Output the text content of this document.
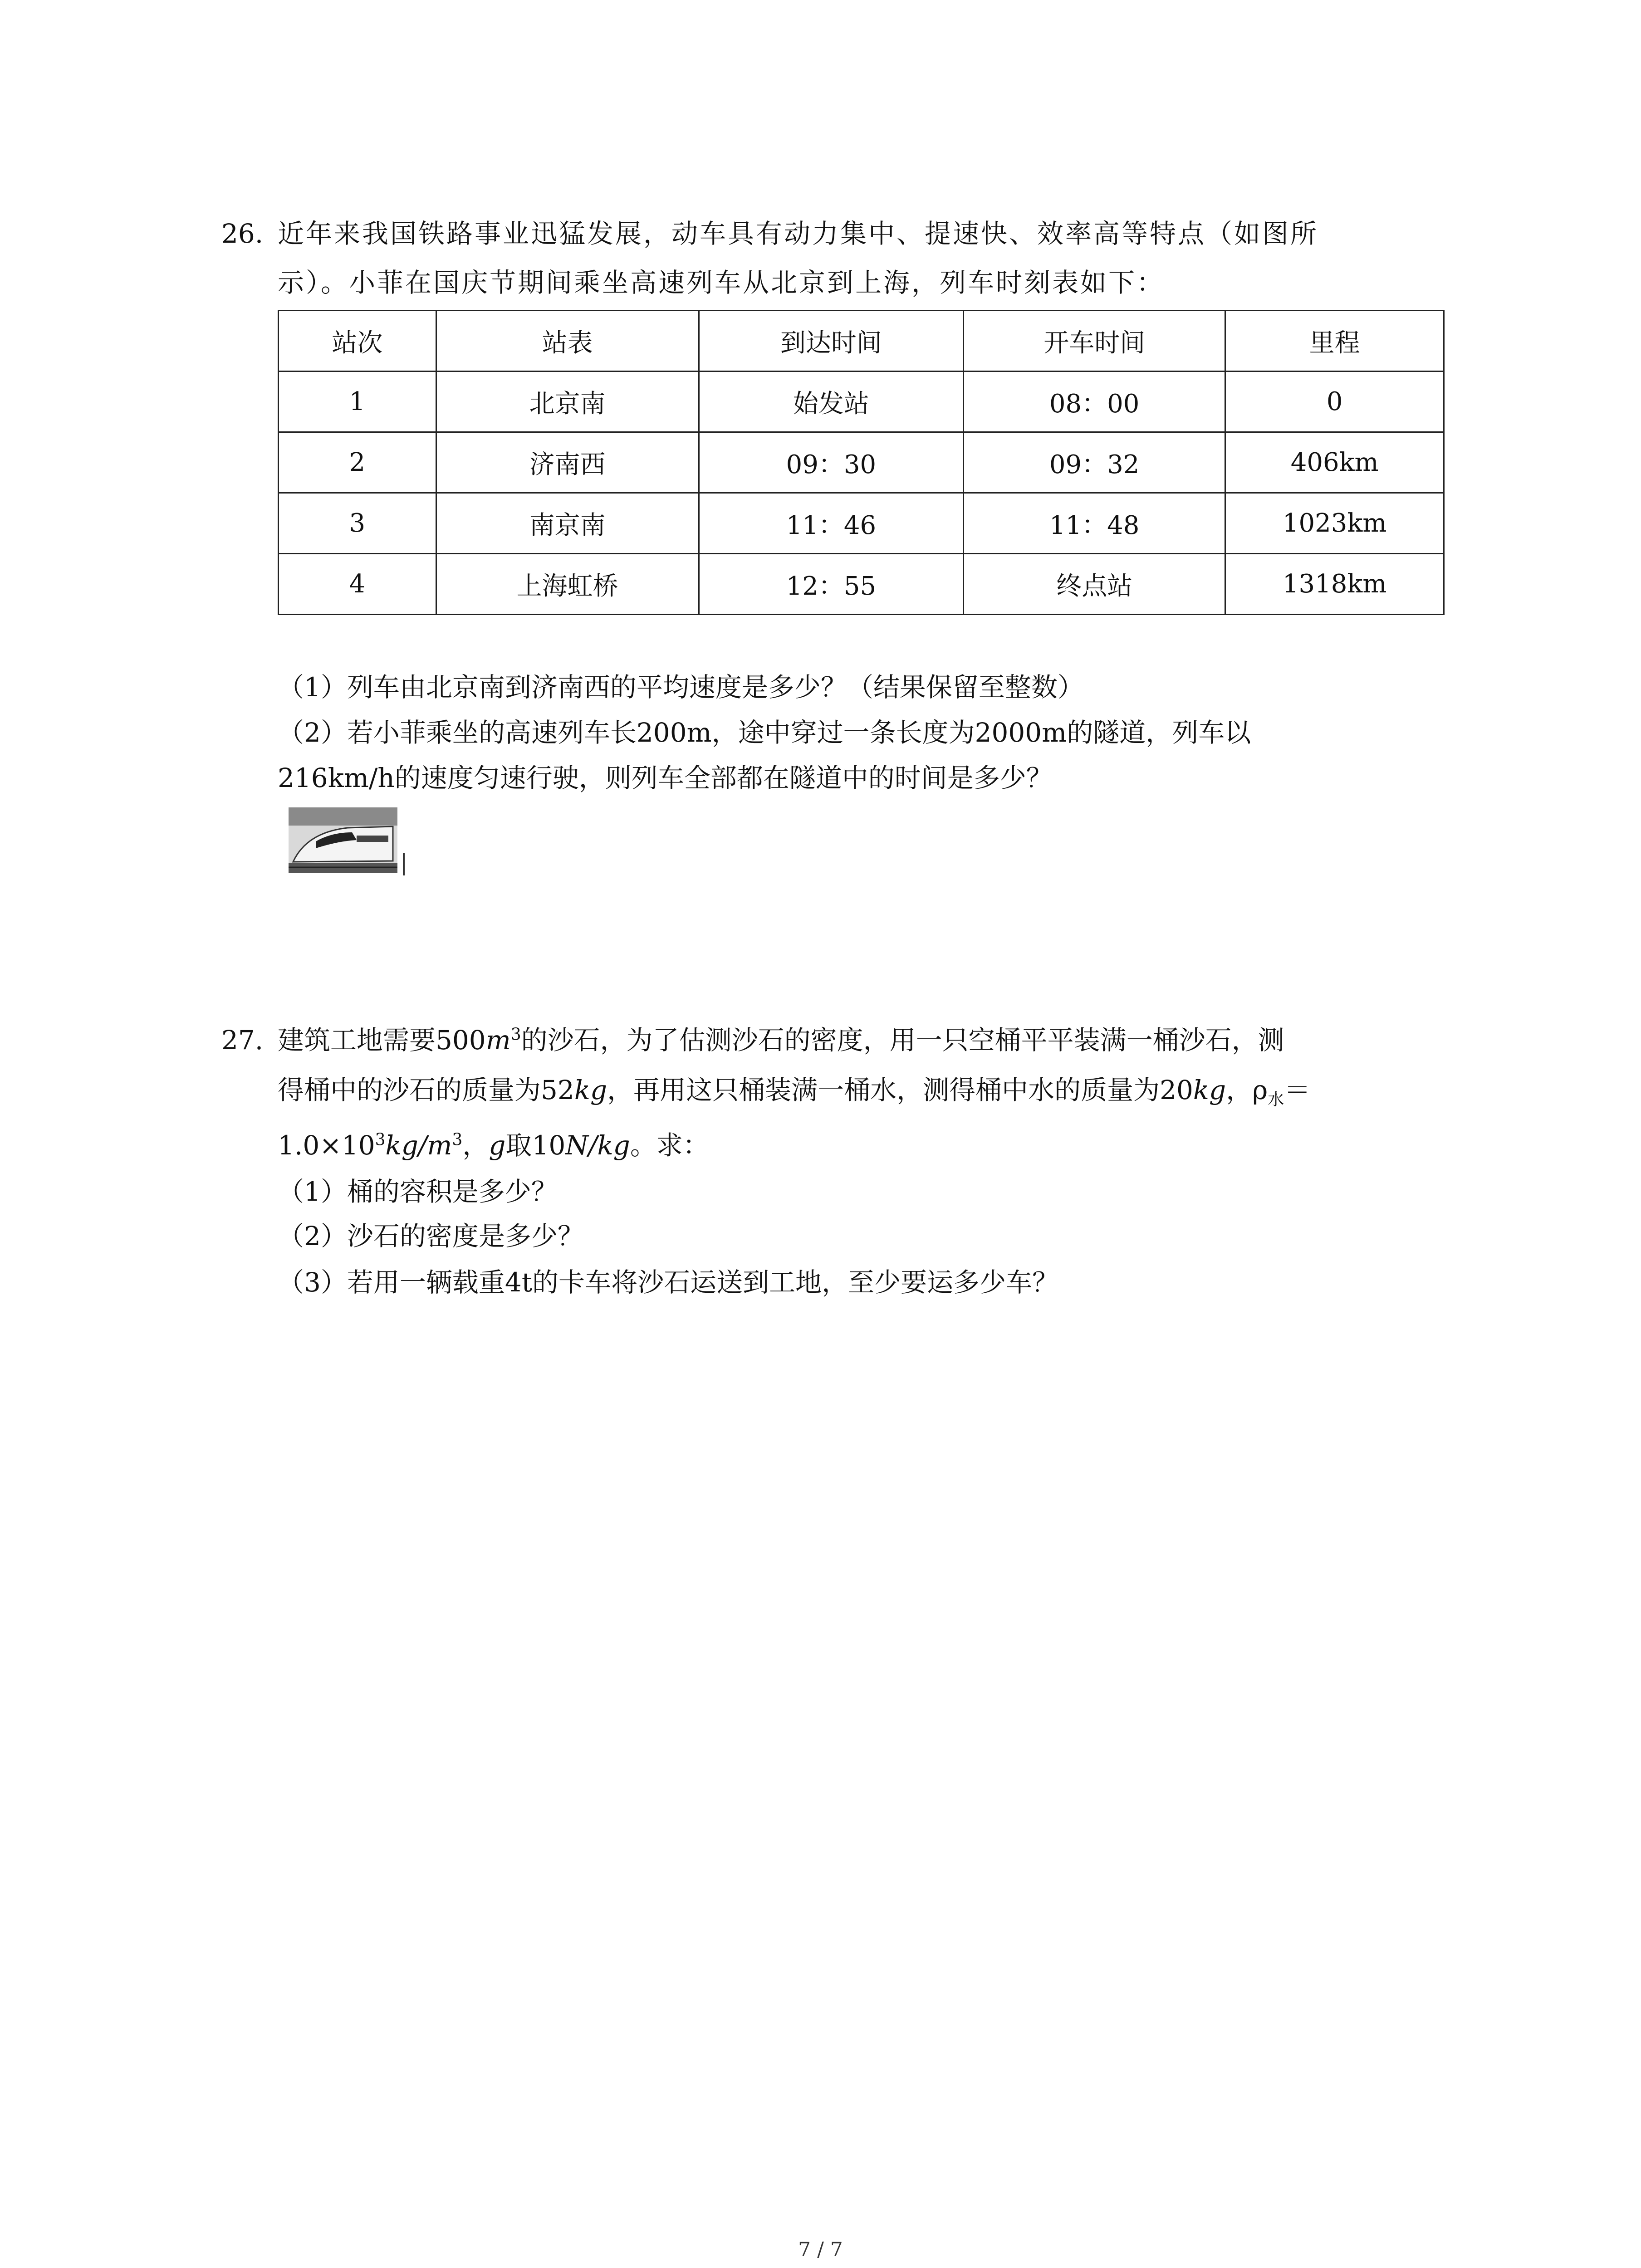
26. 近年来我国铁路事业迅猛发展，动车具有动力集中、提速快、效率高等特点（如图所
示）。小菲在国庆节期间乘坐高速列车从北京到上海，列车时刻表如下：
站次	站表	到达时间	开车时间	里程
1	北京南	始发站	08：00	0
2	济南西	09：30	09：32	406km
3	南京南	11：46	11：48	1023km
4	上海虹桥	12：55	终点站	1318km
（1）列车由北京南到济南西的平均速度是多少？（结果保留至整数）
（2）若小菲乘坐的高速列车长200m，途中穿过一条长度为2000m的隧道，列车以
216km/h的速度匀速行驶，则列车全部都在隧道中的时间是多少？
27. 建筑工地需要$500m^3$的沙石，为了估测沙石的密度，用一只空桶平平装满一桶沙石，测
得桶中的沙石的质量为52kg，再用这只桶装满一桶水，测得桶中水的质量为20kg，$\rho_水=$
$1.0\times 10^3kg/m^3$，g取10N/kg。求：
（1）桶的容积是多少？
（2）沙石的密度是多少？
（3）若用一辆载重4t的卡车将沙石运送到工地，至少要运多少车？
7 / 7
